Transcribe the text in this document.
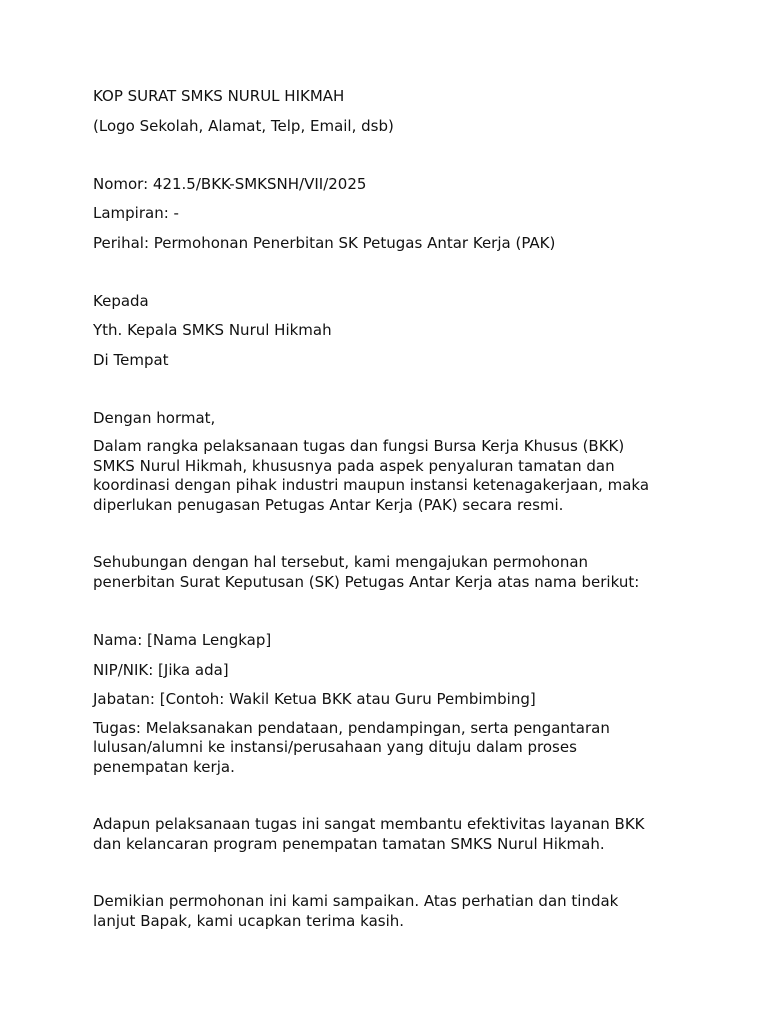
KOP SURAT SMKS NURUL HIKMAH
(Logo Sekolah, Alamat, Telp, Email, dsb)
Nomor: 421.5/BKK-SMKSNH/VII/2025
Lampiran: -
Perihal: Permohonan Penerbitan SK Petugas Antar Kerja (PAK)
Kepada
Yth. Kepala SMKS Nurul Hikmah
Di Tempat
Dengan hormat,
Dalam rangka pelaksanaan tugas dan fungsi Bursa Kerja Khusus (BKK)
SMKS Nurul Hikmah, khususnya pada aspek penyaluran tamatan dan
koordinasi dengan pihak industri maupun instansi ketenagakerjaan, maka
diperlukan penugasan Petugas Antar Kerja (PAK) secara resmi.
Sehubungan dengan hal tersebut, kami mengajukan permohonan
penerbitan Surat Keputusan (SK) Petugas Antar Kerja atas nama berikut:
Nama: [Nama Lengkap]
NIP/NIK: [Jika ada]
Jabatan: [Contoh: Wakil Ketua BKK atau Guru Pembimbing]
Tugas: Melaksanakan pendataan, pendampingan, serta pengantaran
lulusan/alumni ke instansi/perusahaan yang dituju dalam proses
penempatan kerja.
Adapun pelaksanaan tugas ini sangat membantu efektivitas layanan BKK
dan kelancaran program penempatan tamatan SMKS Nurul Hikmah.
Demikian permohonan ini kami sampaikan. Atas perhatian dan tindak
lanjut Bapak, kami ucapkan terima kasih.
